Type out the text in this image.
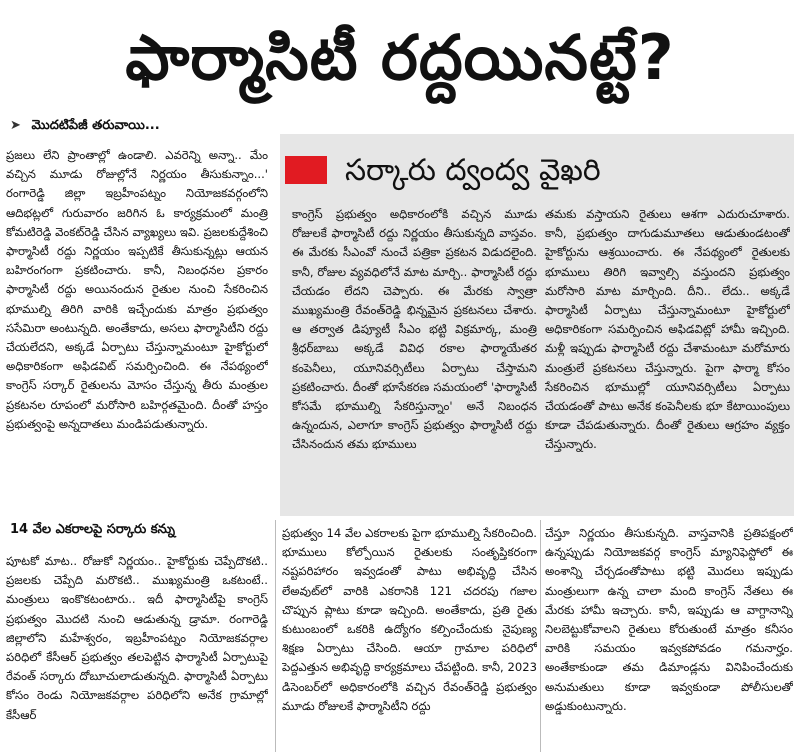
ఫార్మాసిటీ రద్దయినట్టే?
➤ మొదటిపేజీ తరువాయి...

ప్రజలు లేని ప్రాంతాల్లో ఉండాలి. ఎవరెన్ని అన్నా.. మేం వచ్చిన మూడు రోజుల్లోనే నిర్ణయం తీసుకున్నాం...' రంగారెడ్డి జిల్లా ఇబ్రహీంపట్నం నియోజకవర్గంలోని ఆదిభట్లలో గురువారం జరిగిన ఓ కార్యక్రమంలో మంత్రి కోమటిరెడ్డి వెంకట్‌రెడ్డి చేసిన వ్యాఖ్యలు ఇవి. ప్రజలకుద్దేశించి ఫార్మాసిటీ రద్దు నిర్ణయం ఇప్పటికే తీసుకున్నట్లు ఆయన బహిరంగంగా ప్రకటించారు. కానీ, నిబంధనల ప్రకారం ఫార్మాసిటీ రద్దు అయినందున రైతుల నుంచి సేకరించిన భూముల్ని తిరిగి వారికి ఇచ్చేందుకు మాత్రం ప్రభుత్వం ససేమిరా అంటున్నది. అంతేకాదు, అసలు ఫార్మాసిటీని రద్దు చేయలేదని, అక్కడే ఏర్పాటు చేస్తున్నామంటూ హైకోర్టులో అధికారికంగా అఫిడవిట్ సమర్పించింది. ఈ నేపథ్యంలో కాంగ్రెస్ సర్కార్ రైతులను మోసం చేస్తున్న తీరు మంత్రుల ప్రకటనల రూపంలో మరోసారి బహిర్గతమైంది. దీంతో హస్తం ప్రభుత్వంపై అన్నదాతలు మండిపడుతున్నారు.

14 వేల ఎకరాలపై సర్కారు కన్ను

పూటకో మాట.. రోజుకో నిర్ణయం.. హైకోర్టుకు చెప్పేదొకటి.. ప్రజలకు చెప్పేది మరొకటి.. ముఖ్యమంత్రి ఒకటంటే.. మంత్రులు ఇంకొకటంటారు.. ఇదీ ఫార్మాసిటీపై కాంగ్రెస్ ప్రభుత్వం మొదటి నుంచి ఆడుతున్న డ్రామా. రంగారెడ్డి జిల్లాలోని మహేశ్వరం, ఇబ్రహీంపట్నం నియోజకవర్గాల పరిధిలో కేసీఆర్ ప్రభుత్వం తలపెట్టిన ఫార్మాసిటీ ఏర్పాటుపై రేవంత్ సర్కారు దోబూచులాడుతున్నది. ఫార్మాసిటీ ఏర్పాటు కోసం రెండు నియోజకవర్గాల పరిధిలోని అనేక గ్రామాల్లో కేసీఆర్

సర్కారు ద్వంద్వ వైఖరి

కాంగ్రెస్ ప్రభుత్వం అధికారంలోకి వచ్చిన మూడు రోజులకే ఫార్మాసిటీ రద్దు నిర్ణయం తీసుకున్నది వాస్తవం. ఈ మేరకు సీఎంవో నుంచే పత్రికా ప్రకటన విడుదలైంది. కానీ, రోజుల వ్యవధిలోనే మాట మార్చి.. ఫార్మాసిటీ రద్దు చేయడం లేదని చెప్పారు. ఈ మేరకు స్వాత్రా ముఖ్యమంత్రి రేవంత్‌రెడ్డి భిన్నమైన ప్రకటనలు చేశారు. ఆ తర్వాత డిప్యూటీ సీఎం భట్టి విక్రమార్క, మంత్రి శ్రీధర్‌బాబు అక్కడే వివిధ రకాల ఫార్మాయేతర కంపెనీలు, యూనివర్సిటీలు ఏర్పాటు చేస్తామని ప్రకటించారు. దీంతో భూసేకరణ సమయంలో 'ఫార్మాసిటీ కోసమే భూముల్ని సేకరిస్తున్నాం' అనే నిబంధన ఉన్నందున, ఎలాగూ కాంగ్రెస్ ప్రభుత్వం ఫార్మాసిటీ రద్దు చేసినందున తమ భూములు

తమకు వస్తాయని రైతులు ఆశగా ఎదురుచూశారు. కానీ, ప్రభుత్వం దాగుడుమూతలు ఆడుతుండటంతో హైకోర్టును ఆశ్రయించారు. ఈ నేపథ్యంలో రైతులకు భూములు తిరిగి ఇవ్వాల్సి వస్తుందని ప్రభుత్వం మరోసారి మాట మార్చింది. దీని.. లేదు.. అక్కడే ఫార్మాసిటీ ఏర్పాటు చేస్తున్నామంటూ హైకోర్టులో అధికారికంగా సమర్పించిన అఫిడవిట్లో హామీ ఇచ్చింది. మళ్లీ ఇప్పుడు ఫార్మాసిటీ రద్దు చేశామంటూ మరోమారు మంత్రులే ప్రకటనలు చేస్తున్నారు. పైగా ఫార్మా కోసం సేకరించిన భూముల్లో యూనివర్సిటీలు ఏర్పాటు చేయడంతో పాటు అనేక కంపెనీలకు భూ కేటాయింపులు కూడా చేపడుతున్నారు. దీంతో రైతులు ఆగ్రహం వ్యక్తం చేస్తున్నారు.

ప్రభుత్వం 14 వేల ఎకరాలకు పైగా భూముల్ని సేకరించింది. భూములు కోల్పోయిన రైతులకు సంతృప్తికరంగా నష్టపరిహారం ఇవ్వడంతో పాటు అభివృద్ధి చేసిన లేఅవుట్‌లో వారికి ఎకరానికి 121 చదరపు గజాల చొప్పున ప్లాటు కూడా ఇచ్చింది. అంతేకాదు, ప్రతి రైతు కుటుంబంలో ఒకరికి ఉద్యోగం కల్పించేందుకు నైపుణ్య శిక్షణ ఏర్పాటు చేసింది. ఆయా గ్రామాల పరిధిలో పెద్దఎత్తున అభివృద్ధి కార్యక్రమాలు చేపట్టింది. కానీ, 2023 డిసెంబర్‌లో అధికారంలోకి వచ్చిన రేవంత్‌రెడ్డి ప్రభుత్వం మూడు రోజులకే ఫార్మాసిటీని రద్దు

చేస్తూ నిర్ణయం తీసుకున్నది. వాస్తవానికి ప్రతిపక్షంలో ఉన్నప్పుడు నియోజకవర్గ కాంగ్రెస్ మ్యానిఫెస్టోలో ఈ అంశాన్ని చేర్చడంతోపాటు భట్టి మొదలు ఇప్పుడు మంత్రులుగా ఉన్న చాలా మంది కాంగ్రెస్ నేతలు ఈ మేరకు హామీ ఇచ్చారు. కానీ, ఇప్పుడు ఆ వాగ్దానాన్ని నిలబెట్టుకోవాలని రైతులు కోరుతుంటే మాత్రం కనీసం వారికి సమయం ఇవ్వకపోవడం గమనార్హం. అంతేకాకుండా తమ డిమాండ్లను వినిపించేందుకు అనుమతులు కూడా ఇవ్వకుండా పోలీసులతో అడ్డుకుంటున్నారు.
